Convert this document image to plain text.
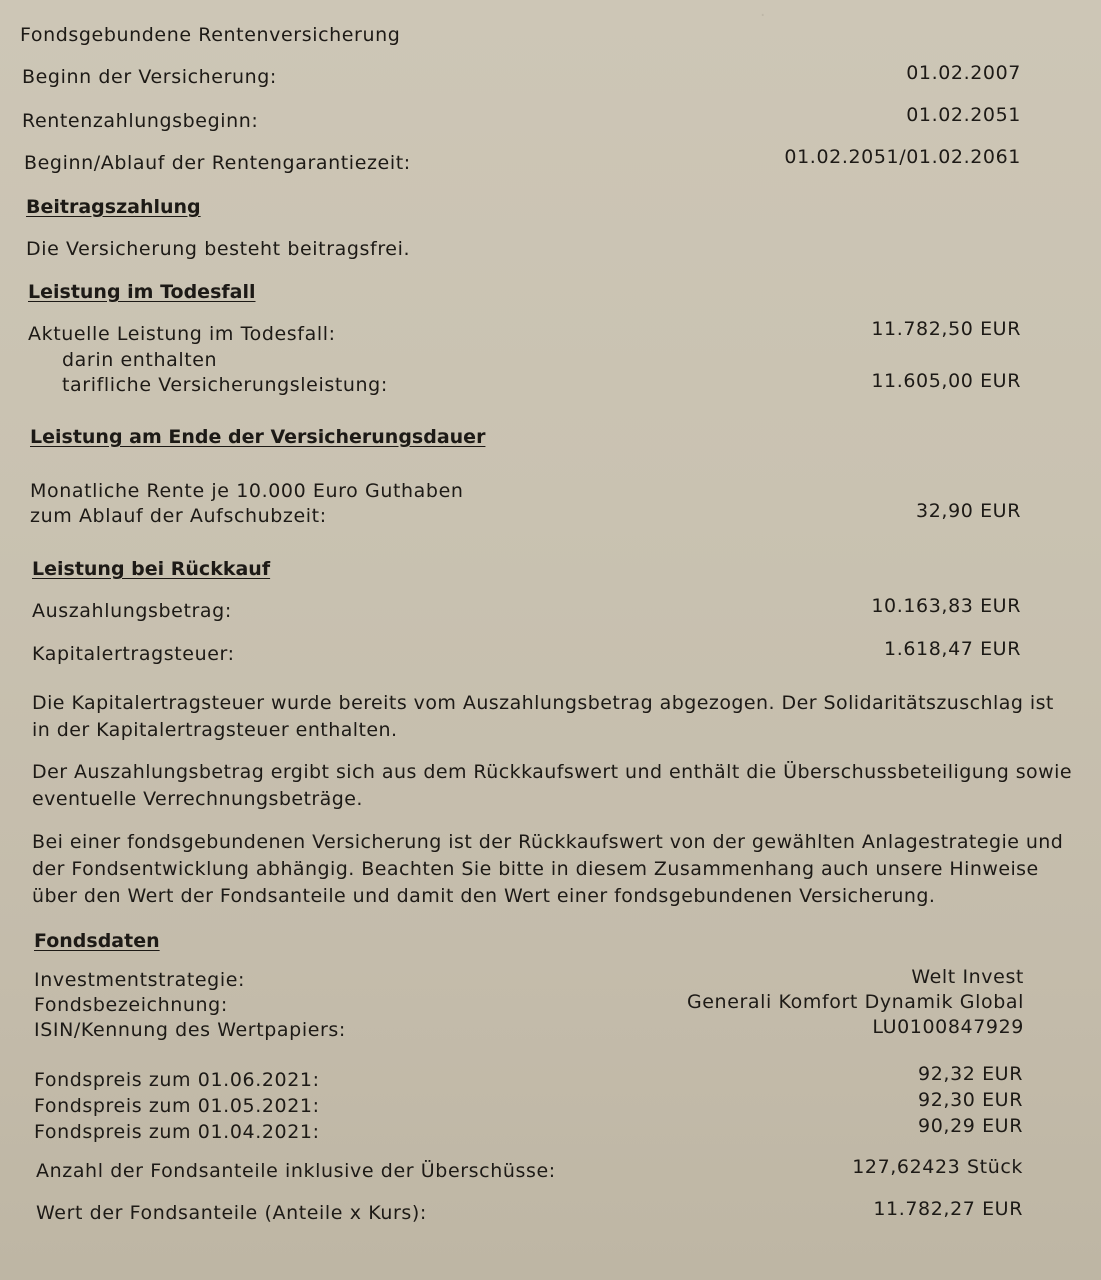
·
Fondsgebundene Rentenversicherung
Beginn der Versicherung:	01.02.2007
Rentenzahlungsbeginn:	01.02.2051
Beginn/Ablauf der Rentengarantiezeit:	01.02.2051/01.02.2061
Beitragszahlung
Die Versicherung besteht beitragsfrei.
Leistung im Todesfall
Aktuelle Leistung im Todesfall:	11.782,50 EUR
darin enthalten
tarifliche Versicherungsleistung:	11.605,00 EUR
Leistung am Ende der Versicherungsdauer
Monatliche Rente je 10.000 Euro Guthaben
zum Ablauf der Aufschubzeit:	32,90 EUR
Leistung bei Rückkauf
Auszahlungsbetrag:	10.163,83 EUR
Kapitalertragsteuer:	1.618,47 EUR
Die Kapitalertragsteuer wurde bereits vom Auszahlungsbetrag abgezogen. Der Solidaritätszuschlag ist in der Kapitalertragsteuer enthalten.
Der Auszahlungsbetrag ergibt sich aus dem Rückkaufswert und enthält die Überschussbeteiligung sowie eventuelle Verrechnungsbeträge.
Bei einer fondsgebundenen Versicherung ist der Rückkaufswert von der gewählten Anlagestrategie und der Fondsentwicklung abhängig. Beachten Sie bitte in diesem Zusammenhang auch unsere Hinweise über den Wert der Fondsanteile und damit den Wert einer fondsgebundenen Versicherung.
Fondsdaten
Investmentstrategie:	Welt Invest
Fondsbezeichnung:	Generali Komfort Dynamik Global
ISIN/Kennung des Wertpapiers:	LU0100847929
Fondspreis zum 01.06.2021:	92,32 EUR
Fondspreis zum 01.05.2021:	92,30 EUR
Fondspreis zum 01.04.2021:	90,29 EUR
Anzahl der Fondsanteile inklusive der Überschüsse:	127,62423 Stück
Wert der Fondsanteile (Anteile x Kurs):	11.782,27 EUR
